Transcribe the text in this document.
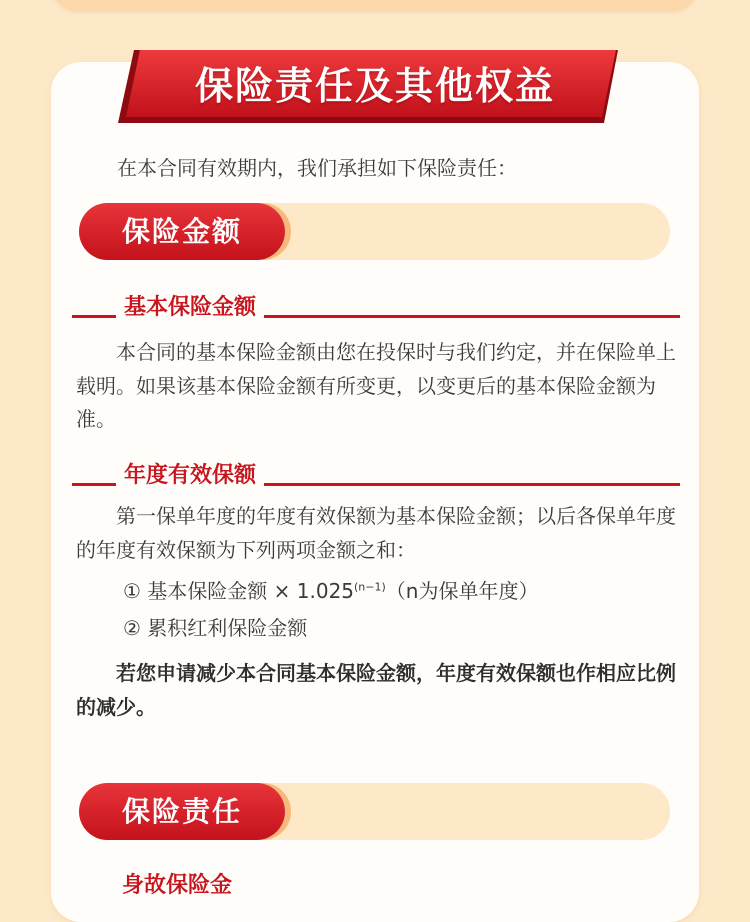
保险责任及其他权益
在本合同有效期内，我们承担如下保险责任：
保险金额
基本保险金额
　　本合同的基本保险金额由您在投保时与我们约定，并在保险单上载明。如果该基本保险金额有所变更，以变更后的基本保险金额为准。
年度有效保额
　　第一保单年度的年度有效保额为基本保险金额；以后各保单年度的年度有效保额为下列两项金额之和：
① 基本保险金额 × $1.025^{(n-1)}(n$为保单年度）
② 累积红利保险金额
　　若您申请减少本合同基本保险金额，年度有效保额也作相应比例的减少。
保险责任
身故保险金
